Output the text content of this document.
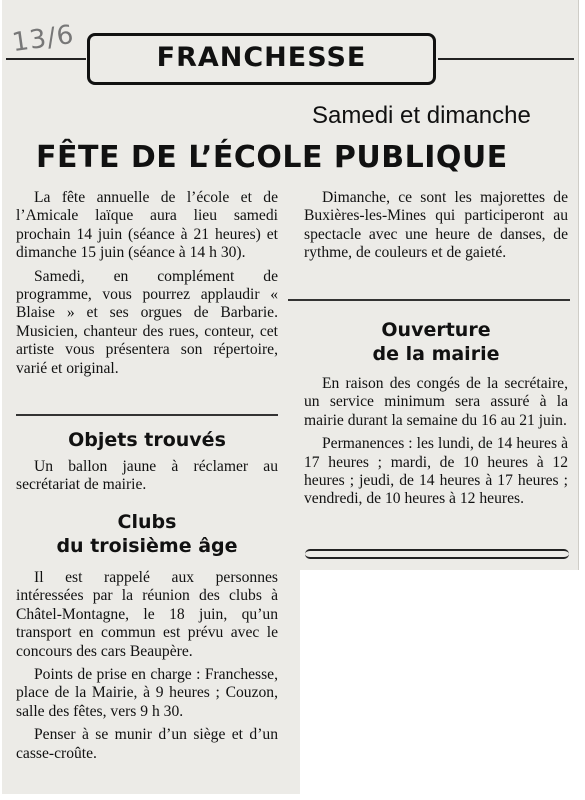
13/6	FRANCHESSE
Samedi et dimanche
FÊTE DE L’ÉCOLE PUBLIQUE

La fête annuelle de l’école et de l’Amicale laïque aura lieu samedi prochain 14 juin (séance à 21 heures) et dimanche 15 juin (séance à 14 h 30).

Samedi, en complément de programme, vous pourrez applaudir « Blaise » et ses orgues de Barbarie. Musicien, chanteur des rues, conteur, cet artiste vous présentera son répertoire, varié et original.

Dimanche, ce sont les majorettes de Buxières-les-Mines qui participeront au spectacle avec une heure de danses, de rythme, de couleurs et de gaieté.

Objets trouvés

Un ballon jaune à réclamer au secrétariat de mairie.

Clubs
du troisième âge

Il est rappelé aux personnes intéressées par la réunion des clubs à Châtel-Montagne, le 18 juin, qu’un transport en commun est prévu avec le concours des cars Beaupère.

Points de prise en charge : Franchesse, place de la Mairie, à 9 heures ; Couzon, salle des fêtes, vers 9 h 30.

Penser à se munir d’un siège et d’un casse-croûte.

Ouverture
de la mairie

En raison des congés de la secrétaire, un service minimum sera assuré à la mairie durant la semaine du 16 au 21 juin.

Permanences : les lundi, de 14 heures à 17 heures ; mardi, de 10 heures à 12 heures ; jeudi, de 14 heures à 17 heures ; vendredi, de 10 heures à 12 heures.
